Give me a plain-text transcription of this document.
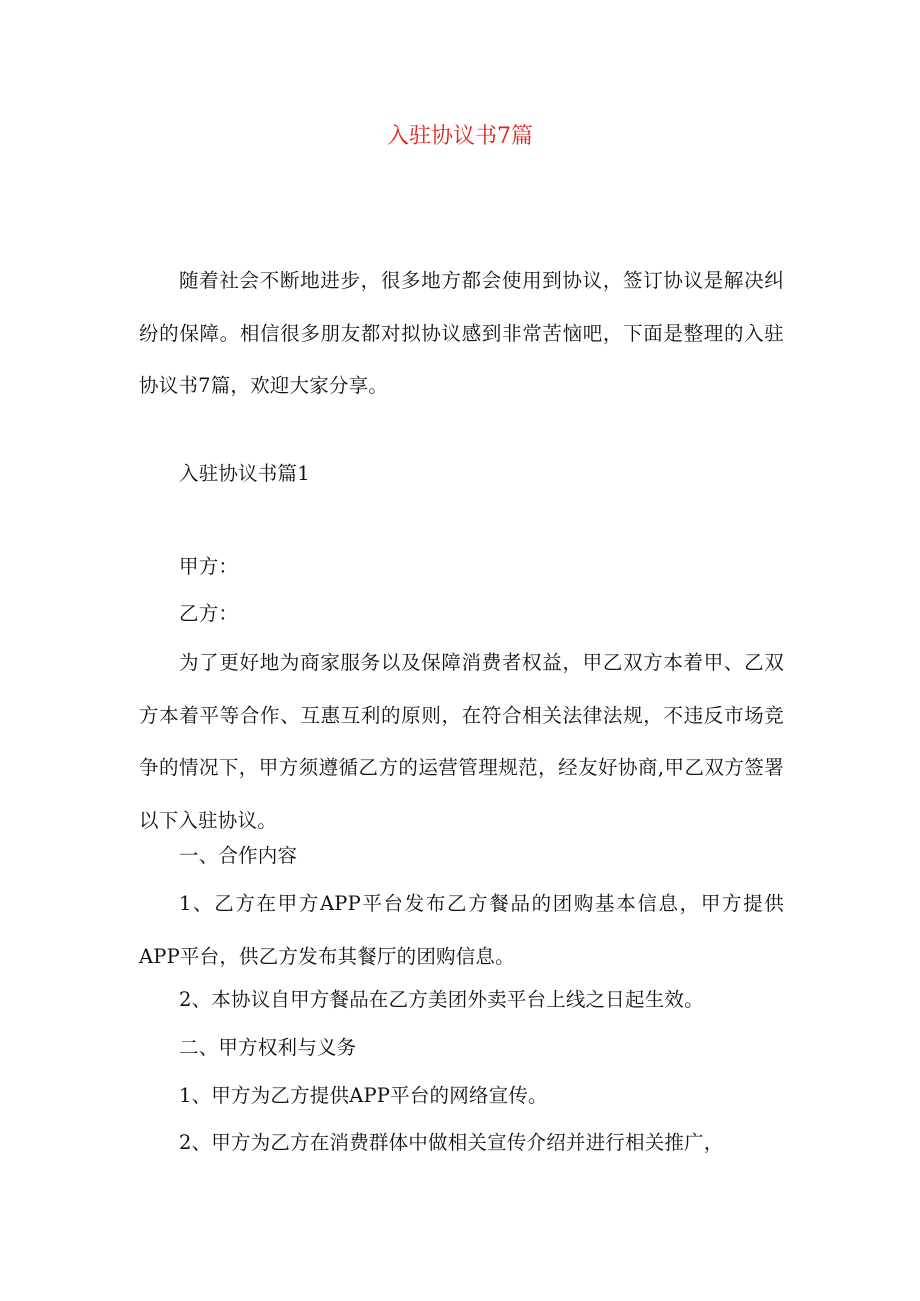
入驻协议书7篇

随着社会不断地进步，很多地方都会使用到协议，签订协议是解决纠纷的保障。相信很多朋友都对拟协议感到非常苦恼吧，下面是整理的入驻协议书7篇，欢迎大家分享。

入驻协议书篇1

甲方：

乙方：

为了更好地为商家服务以及保障消费者权益，甲乙双方本着甲、乙双方本着平等合作、互惠互利的原则，在符合相关法律法规，不违反市场竞争的情况下，甲方须遵循乙方的运营管理规范，经友好协商,甲乙双方签署以下入驻协议。

一、合作内容

1、乙方在甲方APP平台发布乙方餐品的团购基本信息，甲方提供APP平台，供乙方发布其餐厅的团购信息。

2、本协议自甲方餐品在乙方美团外卖平台上线之日起生效。

二、甲方权利与义务

1、甲方为乙方提供APP平台的网络宣传。

2、甲方为乙方在消费群体中做相关宣传介绍并进行相关推广，
